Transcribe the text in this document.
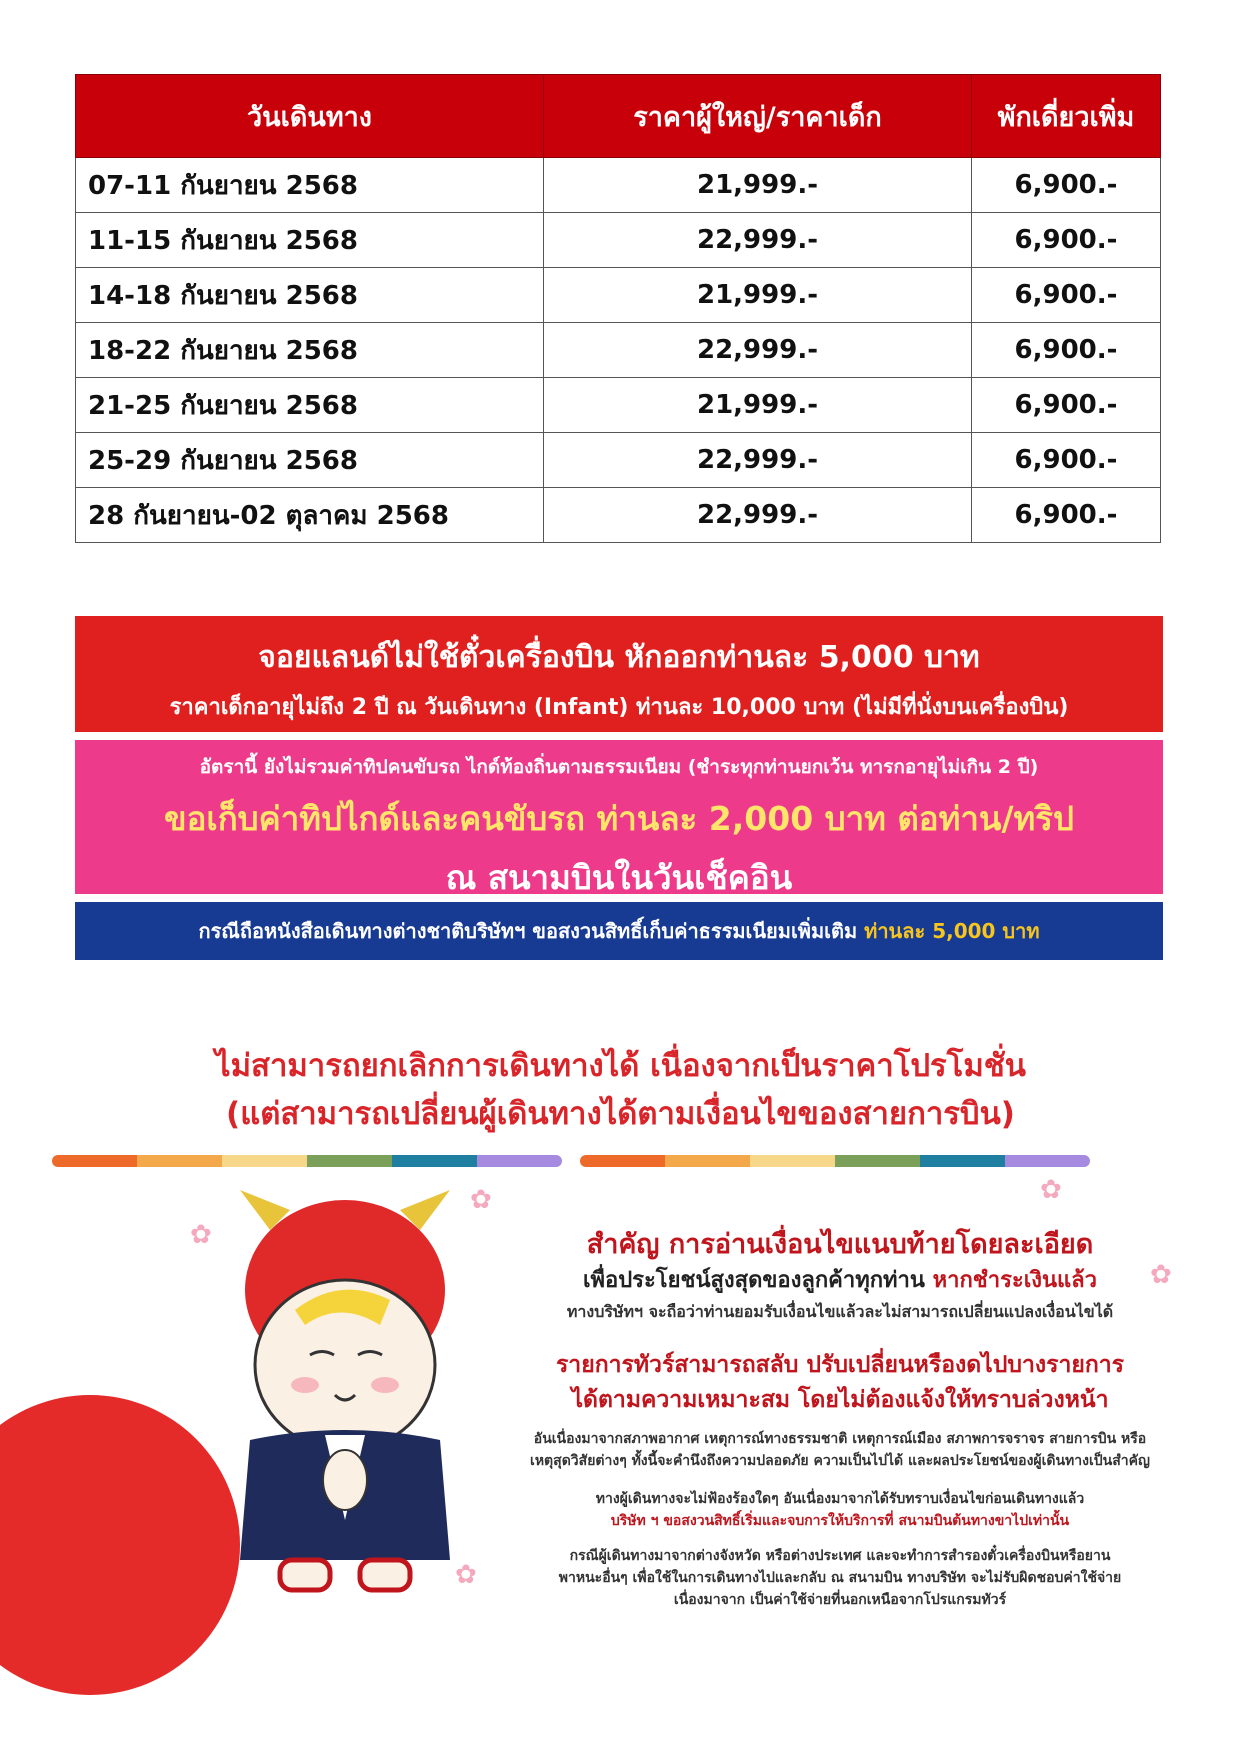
วันเดินทาง	ราคาผู้ใหญ่/ราคาเด็ก	พักเดี่ยวเพิ่ม
07-11 กันยายน 2568	21,999.-	6,900.-
11-15 กันยายน 2568	22,999.-	6,900.-
14-18 กันยายน 2568	21,999.-	6,900.-
18-22 กันยายน 2568	22,999.-	6,900.-
21-25 กันยายน 2568	21,999.-	6,900.-
25-29 กันยายน 2568	22,999.-	6,900.-
28 กันยายน-02 ตุลาคม 2568	22,999.-	6,900.-
จอยแลนด์ไม่ใช้ตั๋วเครื่องบิน หักออกท่านละ 5,000 บาท
ราคาเด็กอายุไม่ถึง 2 ปี ณ วันเดินทาง (Infant) ท่านละ 10,000 บาท (ไม่มีที่นั่งบนเครื่องบิน)
อัตรานี้ ยังไม่รวมค่าทิปคนขับรถ ไกด์ท้องถิ่นตามธรรมเนียม (ชำระทุกท่านยกเว้น ทารกอายุไม่เกิน 2 ปี)
ขอเก็บค่าทิปไกด์และคนขับรถ ท่านละ 2,000 บาท ต่อท่าน/ทริป
ณ สนามบินในวันเช็คอิน
กรณีถือหนังสือเดินทางต่างชาติบริษัทฯ ขอสงวนสิทธิ์เก็บค่าธรรมเนียมเพิ่มเติม ท่านละ 5,000 บาท
ไม่สามารถยกเลิกการเดินทางได้ เนื่องจากเป็นราคาโปรโมชั่น
(แต่สามารถเปลี่ยนผู้เดินทางได้ตามเงื่อนไขของสายการบิน)
✿
✿	✿
✿
✿
สำคัญ การอ่านเงื่อนไขแนบท้ายโดยละเอียด
เพื่อประโยชน์สูงสุดของลูกค้าทุกท่าน หากชำระเงินแล้ว
ทางบริษัทฯ จะถือว่าท่านยอมรับเงื่อนไขแล้วละไม่สามารถเปลี่ยนแปลงเงื่อนไขได้
รายการทัวร์สามารถสลับ ปรับเปลี่ยนหรืองดไปบางรายการ
ได้ตามความเหมาะสม โดยไม่ต้องแจ้งให้ทราบล่วงหน้า
อันเนื่องมาจากสภาพอากาศ เหตุการณ์ทางธรรมชาติ เหตุการณ์เมือง สภาพการจราจร สายการบิน หรือ
เหตุสุดวิสัยต่างๆ ทั้งนี้จะคำนึงถึงความปลอดภัย ความเป็นไปได้ และผลประโยชน์ของผู้เดินทางเป็นสำคัญ
ทางผู้เดินทางจะไม่ฟ้องร้องใดๆ อันเนื่องมาจากได้รับทราบเงื่อนไขก่อนเดินทางแล้ว
บริษัท ฯ ขอสงวนสิทธิ์เริ่มและจบการให้บริการที่ สนามบินต้นทางขาไปเท่านั้น
กรณีผู้เดินทางมาจากต่างจังหวัด หรือต่างประเทศ และจะทำการสำรองตั๋วเครื่องบินหรือยาน
พาหนะอื่นๆ เพื่อใช้ในการเดินทางไปและกลับ ณ สนามบิน ทางบริษัท จะไม่รับผิดชอบค่าใช้จ่าย
เนื่องมาจาก เป็นค่าใช้จ่ายที่นอกเหนือจากโปรแกรมทัวร์
